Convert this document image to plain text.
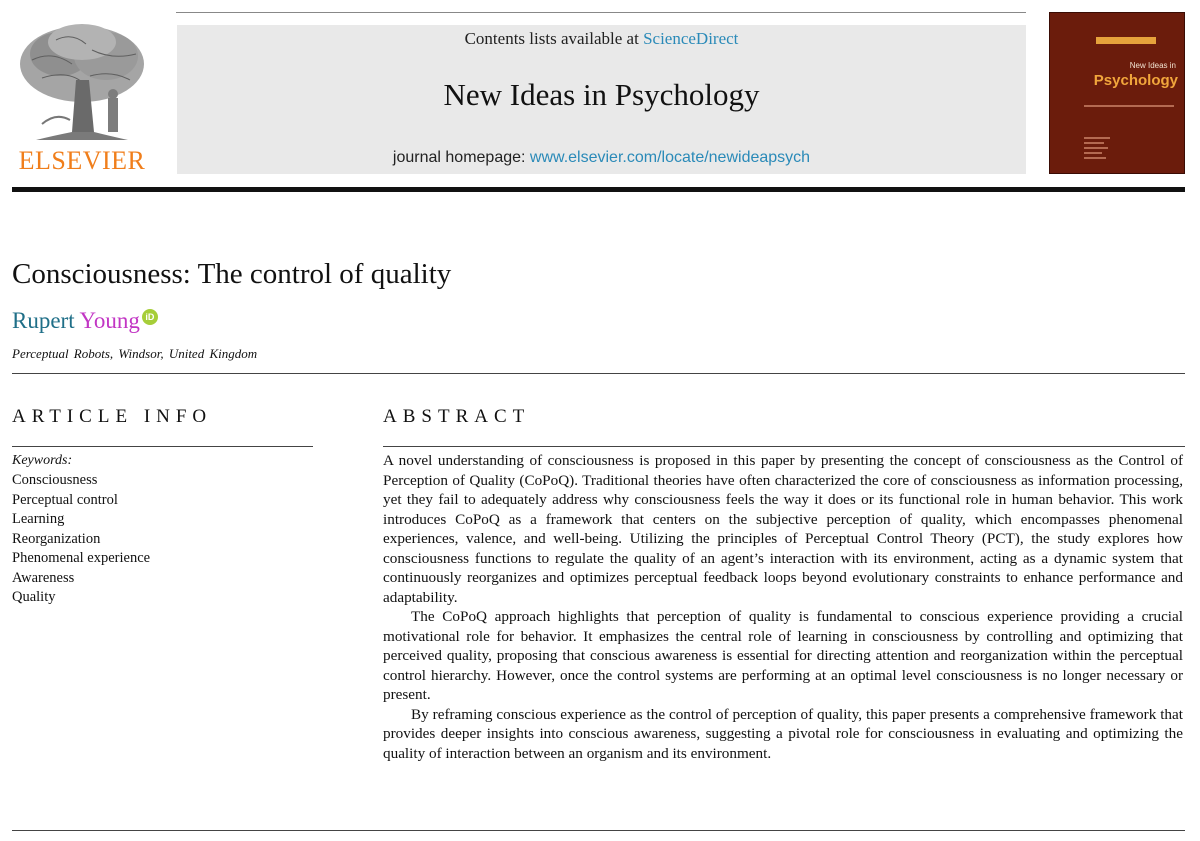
ELSEVIER
Contents lists available at ScienceDirect
New Ideas in Psychology
journal homepage: www.elsevier.com/locate/newideapsych
New Ideas in
Psychology
Consciousness: The control of quality
Rupert Young iD
Perceptual Robots, Windsor, United Kingdom
ARTICLE INFO
Keywords:
Consciousness
Perceptual control
Learning
Reorganization
Phenomenal experience
Awareness
Quality
ABSTRACT

A novel understanding of consciousness is proposed in this paper by presenting the concept of consciousness as the Control of Perception of Quality (CoPoQ). Traditional theories have often characterized the core of consciousness as information processing, yet they fail to adequately address why consciousness feels the way it does or its functional role in human behavior. This work introduces CoPoQ as a framework that centers on the subjective perception of quality, which encompasses phenomenal experiences, valence, and well-being. Utilizing the principles of Perceptual Control Theory (PCT), the study explores how consciousness functions to regulate the quality of an agent’s interaction with its environment, acting as a dynamic system that continuously reorganizes and optimizes perceptual feedback loops beyond evolutionary constraints to enhance performance and adaptability.

The CoPoQ approach highlights that perception of quality is fundamental to conscious experience providing a crucial motivational role for behavior. It emphasizes the central role of learning in consciousness by controlling and optimizing that perceived quality, proposing that conscious awareness is essential for directing attention and reorganization within the perceptual control hierarchy. However, once the control systems are performing at an optimal level consciousness is no longer necessary or present.

By reframing conscious experience as the control of perception of quality, this paper presents a comprehensive framework that provides deeper insights into conscious awareness, suggesting a pivotal role for consciousness in evaluating and optimizing the quality of interaction between an organism and its environment.
